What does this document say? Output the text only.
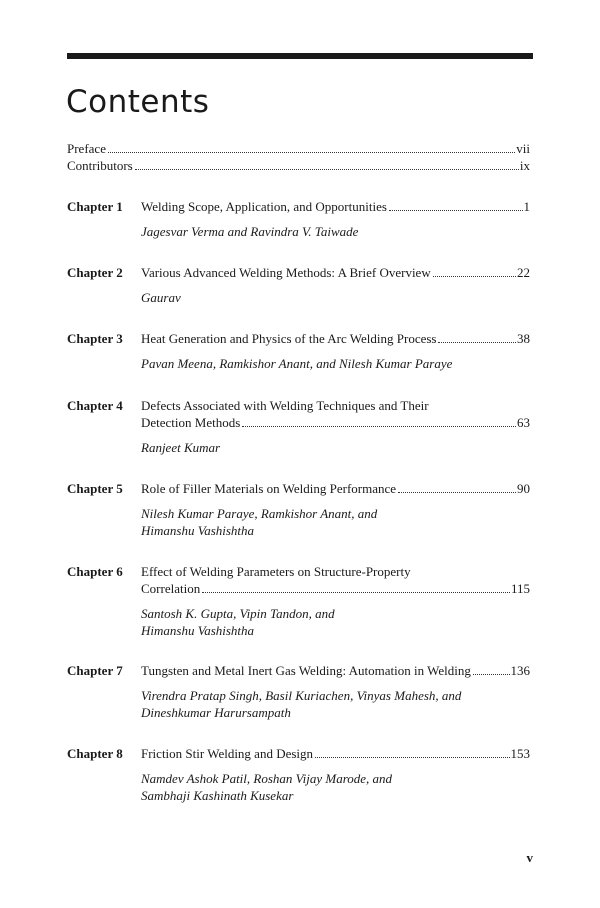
Contents
Preface	vii
Contributors	ix
Chapter 1 Welding Scope, Application, and Opportunities	1
Jagesvar Verma and Ravindra V. Taiwade
Chapter 2 Various Advanced Welding Methods: A Brief Overview	22
Gaurav
Chapter 3 Heat Generation and Physics of the Arc Welding Process	38
Pavan Meena, Ramkishor Anant, and Nilesh Kumar Paraye
Chapter 4 Defects Associated with Welding Techniques and Their
Detection Methods	63
Ranjeet Kumar
Chapter 5 Role of Filler Materials on Welding Performance	90
Nilesh Kumar Paraye, Ramkishor Anant, and
Himanshu Vashishtha
Chapter 6 Effect of Welding Parameters on Structure-Property
Correlation	115
Santosh K. Gupta, Vipin Tandon, and
Himanshu Vashishtha
Chapter 7 Tungsten and Metal Inert Gas Welding: Automation in Welding	136
Virendra Pratap Singh, Basil Kuriachen, Vinyas Mahesh, and
Dineshkumar Harursampath
Chapter 8 Friction Stir Welding and Design	153
Namdev Ashok Patil, Roshan Vijay Marode, and
Sambhaji Kashinath Kusekar
v
